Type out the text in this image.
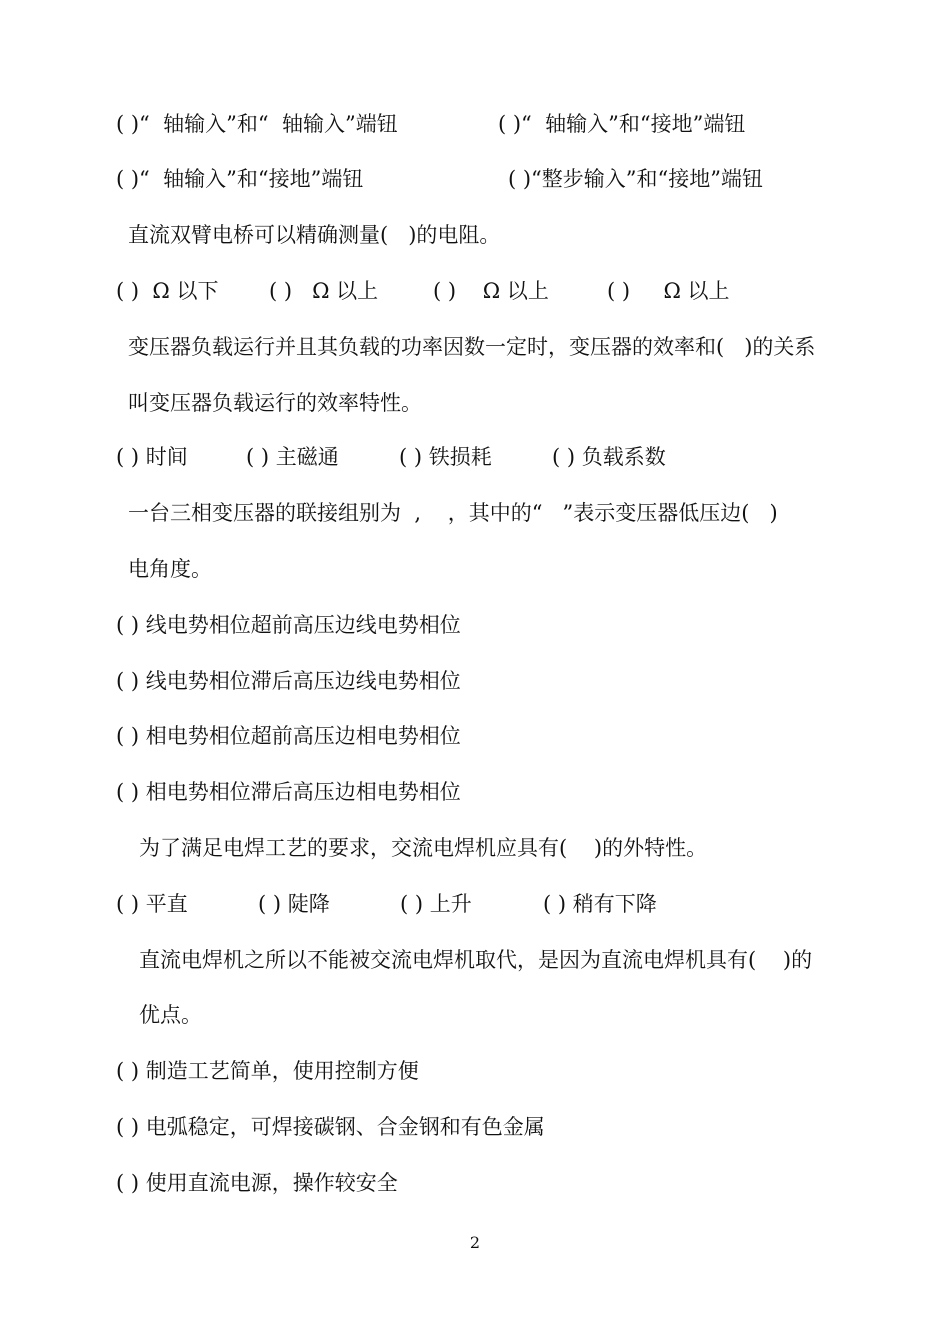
( )“  轴输入”和“  轴输入”端钮	( )“  轴输入”和“接地”端钮
( )“  轴输入”和“接地”端钮	( )“整步输入”和“接地”端钮
直流双臂电桥可以精确测量(   )的电阻。
( )  Ω 以下 ( )   Ω 以上	( )    Ω 以上	( )     Ω 以上
变压器负载运行并且其负载的功率因数一定时，变压器的效率和(   )的关系
叫变压器负载运行的效率特性。
( ) 时间	( ) 主磁通	( ) 铁损耗	( ) 负载系数
一台三相变压器的联接组别为  ,    ，其中的“   ”表示变压器低压边(   )
电角度。
( ) 线电势相位超前高压边线电势相位
( ) 线电势相位滞后高压边线电势相位
( ) 相电势相位超前高压边相电势相位
( ) 相电势相位滞后高压边相电势相位
为了满足电焊工艺的要求，交流电焊机应具有(    )的外特性。
( ) 平直	( ) 陡降	( ) 上升	( ) 稍有下降
直流电焊机之所以不能被交流电焊机取代，是因为直流电焊机具有(    )的
优点。
( ) 制造工艺简单，使用控制方便
( ) 电弧稳定，可焊接碳钢、合金钢和有色金属
( ) 使用直流电源，操作较安全
2
